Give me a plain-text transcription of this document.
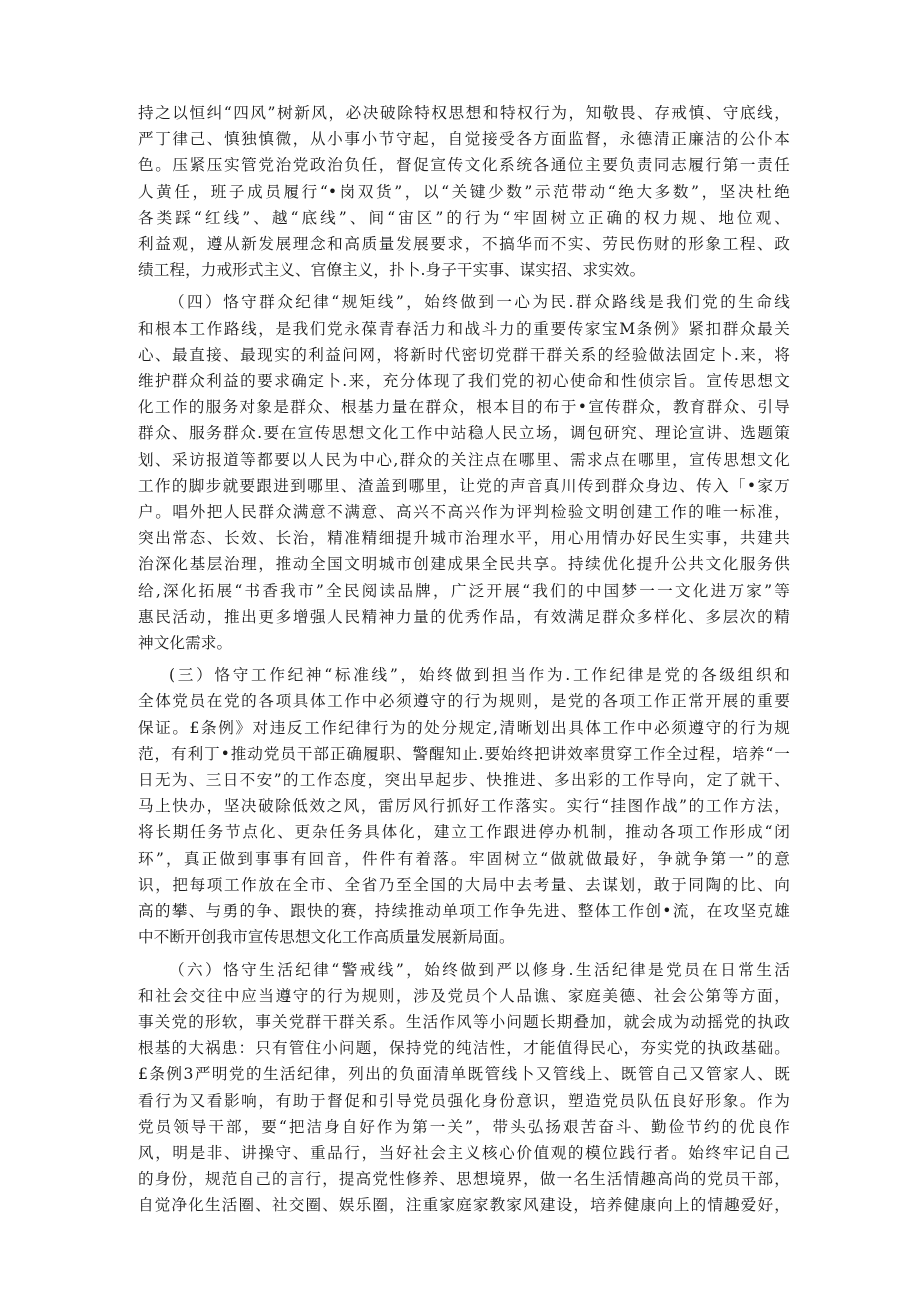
持之以恒纠“四风”树新风，必决破除特权思想和特权行为，知敬畏、存戒慎、守底线，
严丁律己、慎独慎微，从小事小节守起，自觉接受各方面监督，永德清正廉洁的公仆本
色。压紧压实管党治党政治负任，督促宣传文化系统各通位主要负责同志履行第一责任
人黄任，班子成员履行“•岗双货”，以“关键少数”示范带动“绝大多数”，坚决杜绝
各类踩“红线”、越“底线”、间“宙区”的行为“牢固树立正确的权力规、地位观、
利益观，遵从新发展理念和高质量发展要求，不搞华而不实、劳民伤财的形象工程、政
绩工程，力戒形式主义、官僚主义，扑卜.身子干实事、谋实招、求实效。
（四）恪守群众纪律“规矩线”，始终做到一心为民.群众路线是我们党的生命线
和根本工作路线，是我们党永葆青春活力和战斗力的重要传家宝M条例》紧扣群众最关
心、最直接、最现实的利益问网，将新时代密切党群干群关系的经验做法固定卜.来，将
维护群众利益的要求确定卜.来，充分体现了我们党的初心使命和性侦宗旨。宣传思想文
化工作的服务对象是群众、根基力量在群众，根本目的布于•宣传群众，教育群众、引导
群众、服务群众.要在宣传思想文化工作中站稳人民立场，调包研究、理论宣讲、选题策
划、采访报道等都要以人民为中心,群众的关注点在哪里、需求点在哪里，宣传思想文化
工作的脚步就要跟进到哪里、渣盖到哪里，让党的声音真川传到群众身边、传入「•家万
户。唱外把人民群众满意不满意、高兴不高兴作为评判检验文明创建工作的唯一标准，
突出常态、长效、长治，精准精细提升城市治理水平，用心用情办好民生实事，共建共
治深化基层治理，推动全国文明城市创建成果全民共享。持续优化提升公共文化服务供
给,深化拓展“书香我市”全民阅读品牌，广泛开展“我们的中国梦一一文化进万家”等
惠民活动，推出更多增强人民精神力量的优秀作品，有效满足群众多样化、多层次的精
神文化需求。
(三）恪守工作纪神“标准线”，始终做到担当作为.工作纪律是党的各级组织和
全体党员在党的各项具体工作中必须遵守的行为规则，是党的各项工作正常开展的重要
保证。£条例》对违反工作纪律行为的处分规定,清晰划出具体工作中必须遵守的行为规
范，有利丁•推动党员干部正确履职、警醒知止.要始终把讲效率贯穿工作全过程，培养“一
日无为、三日不安”的工作态度，突出早起步、快推进、多出彩的工作导向，定了就干、
马上快办，坚决破除低效之风，雷厉风行抓好工作落实。实行“挂图作战”的工作方法，
将长期任务节点化、更杂任务具体化，建立工作跟进停办机制，推动各项工作形成“闭
环”，真正做到事事有回音，件件有着落。牢固树立“做就做最好，争就争第一”的意
识，把每项工作放在全市、全省乃至全国的大局中去考量、去谋划，敢于同陶的比、向
高的攀、与勇的争、跟快的赛，持续推动单项工作争先进、整体工作创•流，在攻坚克雄
中不断开创我市宣传思想文化工作高质量发展新局面。
（六）恪守生活纪律“警戒线”，始终做到严以修身.生活纪律是党员在日常生活
和社会交往中应当遵守的行为规则，涉及党员个人品谯、家庭美德、社会公第等方面，
事关党的形软，事关党群干群关系。生活作风等小问题长期叠加，就会成为动摇党的执政
根基的大祸患：只有管住小问题，保持党的纯洁性，才能值得民心，夯实党的执政基础。
£条例3严明党的生活纪律，列出的负面清单既管线卜又管线上、既管自己又管家人、既
看行为又看影响，有助于督促和引导党员强化身份意识，塑造党员队伍良好形象。作为
党员领导干部，要“把洁身自好作为第一关”，带头弘扬艰苦奋斗、勤俭节约的优良作
风，明是非、讲操守、重品行，当好社会主义核心价值观的模位践行者。始终牢记自己
的身份，规范自己的言行，提高党性修养、思想境界，做一名生活情趣高尚的党员干部，
自觉净化生活圈、社交圈、娱乐圈，注重家庭家教家风建设，培养健康向上的情趣爱好，
